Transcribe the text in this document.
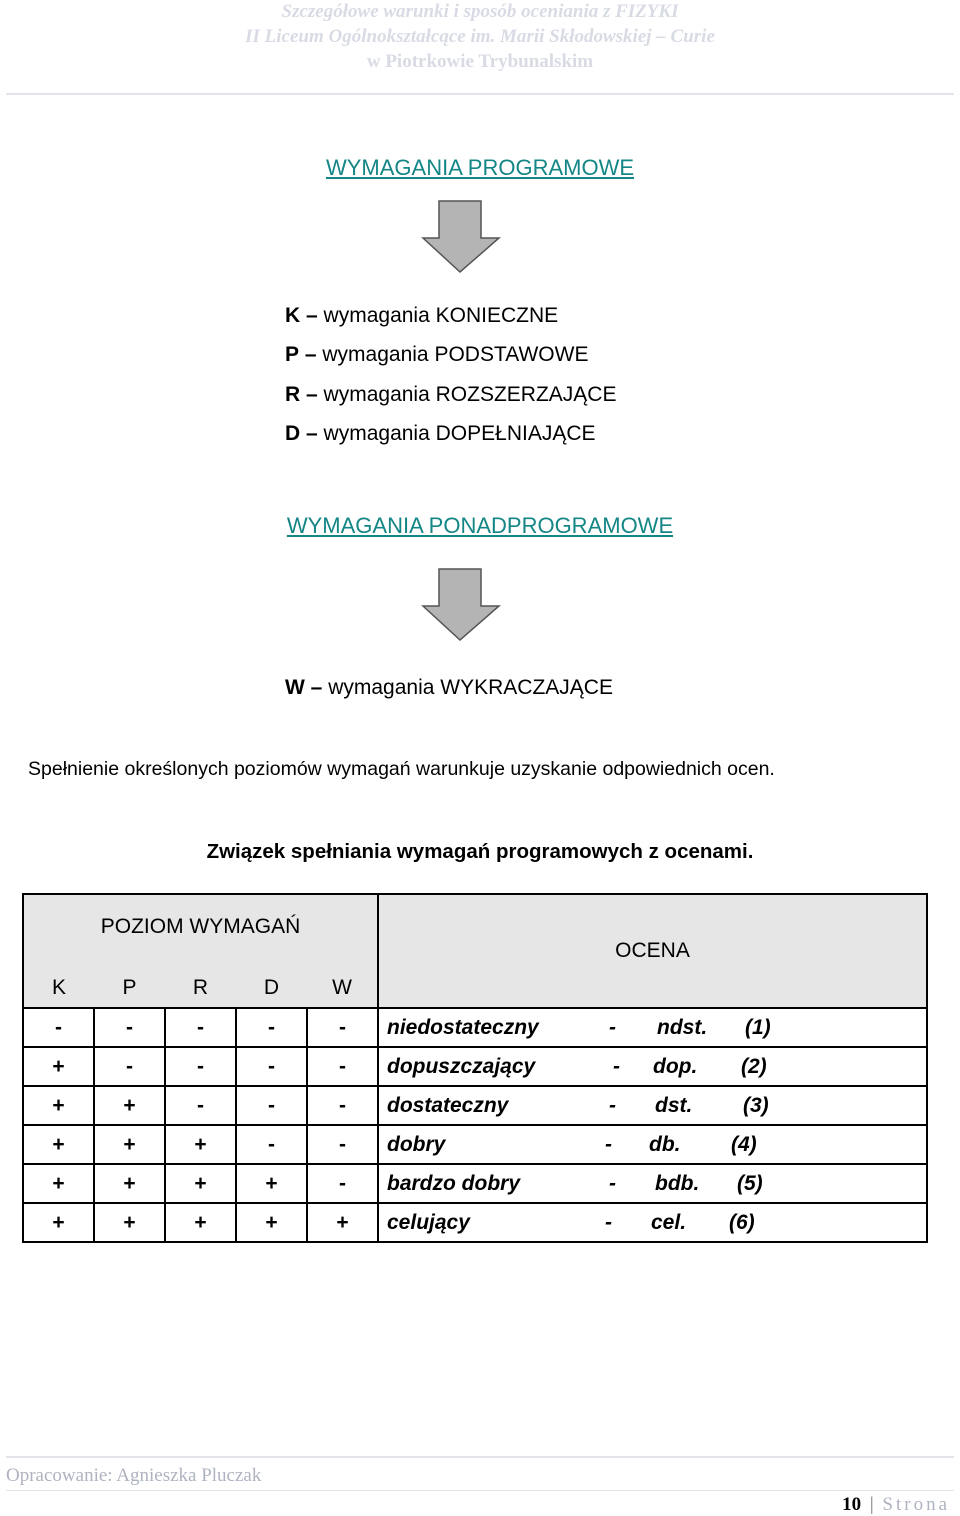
Szczegółowe warunki i sposób oceniania z FIZYKI
II Liceum Ogólnokształcące im. Marii Skłodowskiej – Curie
w Piotrkowie Trybunalskim
WYMAGANIA PROGRAMOWE
K – wymagania KONIECZNE
P – wymagania PODSTAWOWE
R – wymagania ROZSZERZAJĄCE
D – wymagania DOPEŁNIAJĄCE
WYMAGANIA PONADPROGRAMOWE
W – wymagania WYKRACZAJĄCE
Spełnienie określonych poziomów wymagań warunkuje uzyskanie odpowiednich ocen.
Związek spełniania wymagań programowych z ocenami.
POZIOM WYMAGAŃ					OCENA
K	P	R	D	W	
-	-	-	-	-	niedostateczny - ndst. (1)

+	-	-	-	-	dopuszczający - dop. (2)

+	+	-	-	-	dostateczny - dst. (3)

+	+	+	-	-	dobry - db. (4)

+	+	+	+	-	bardzo dobry - bdb. (5)

+	+	+	+	+	celujący - cel. (6)
Opracowanie: Agnieszka Pluczak
10 | Strona
